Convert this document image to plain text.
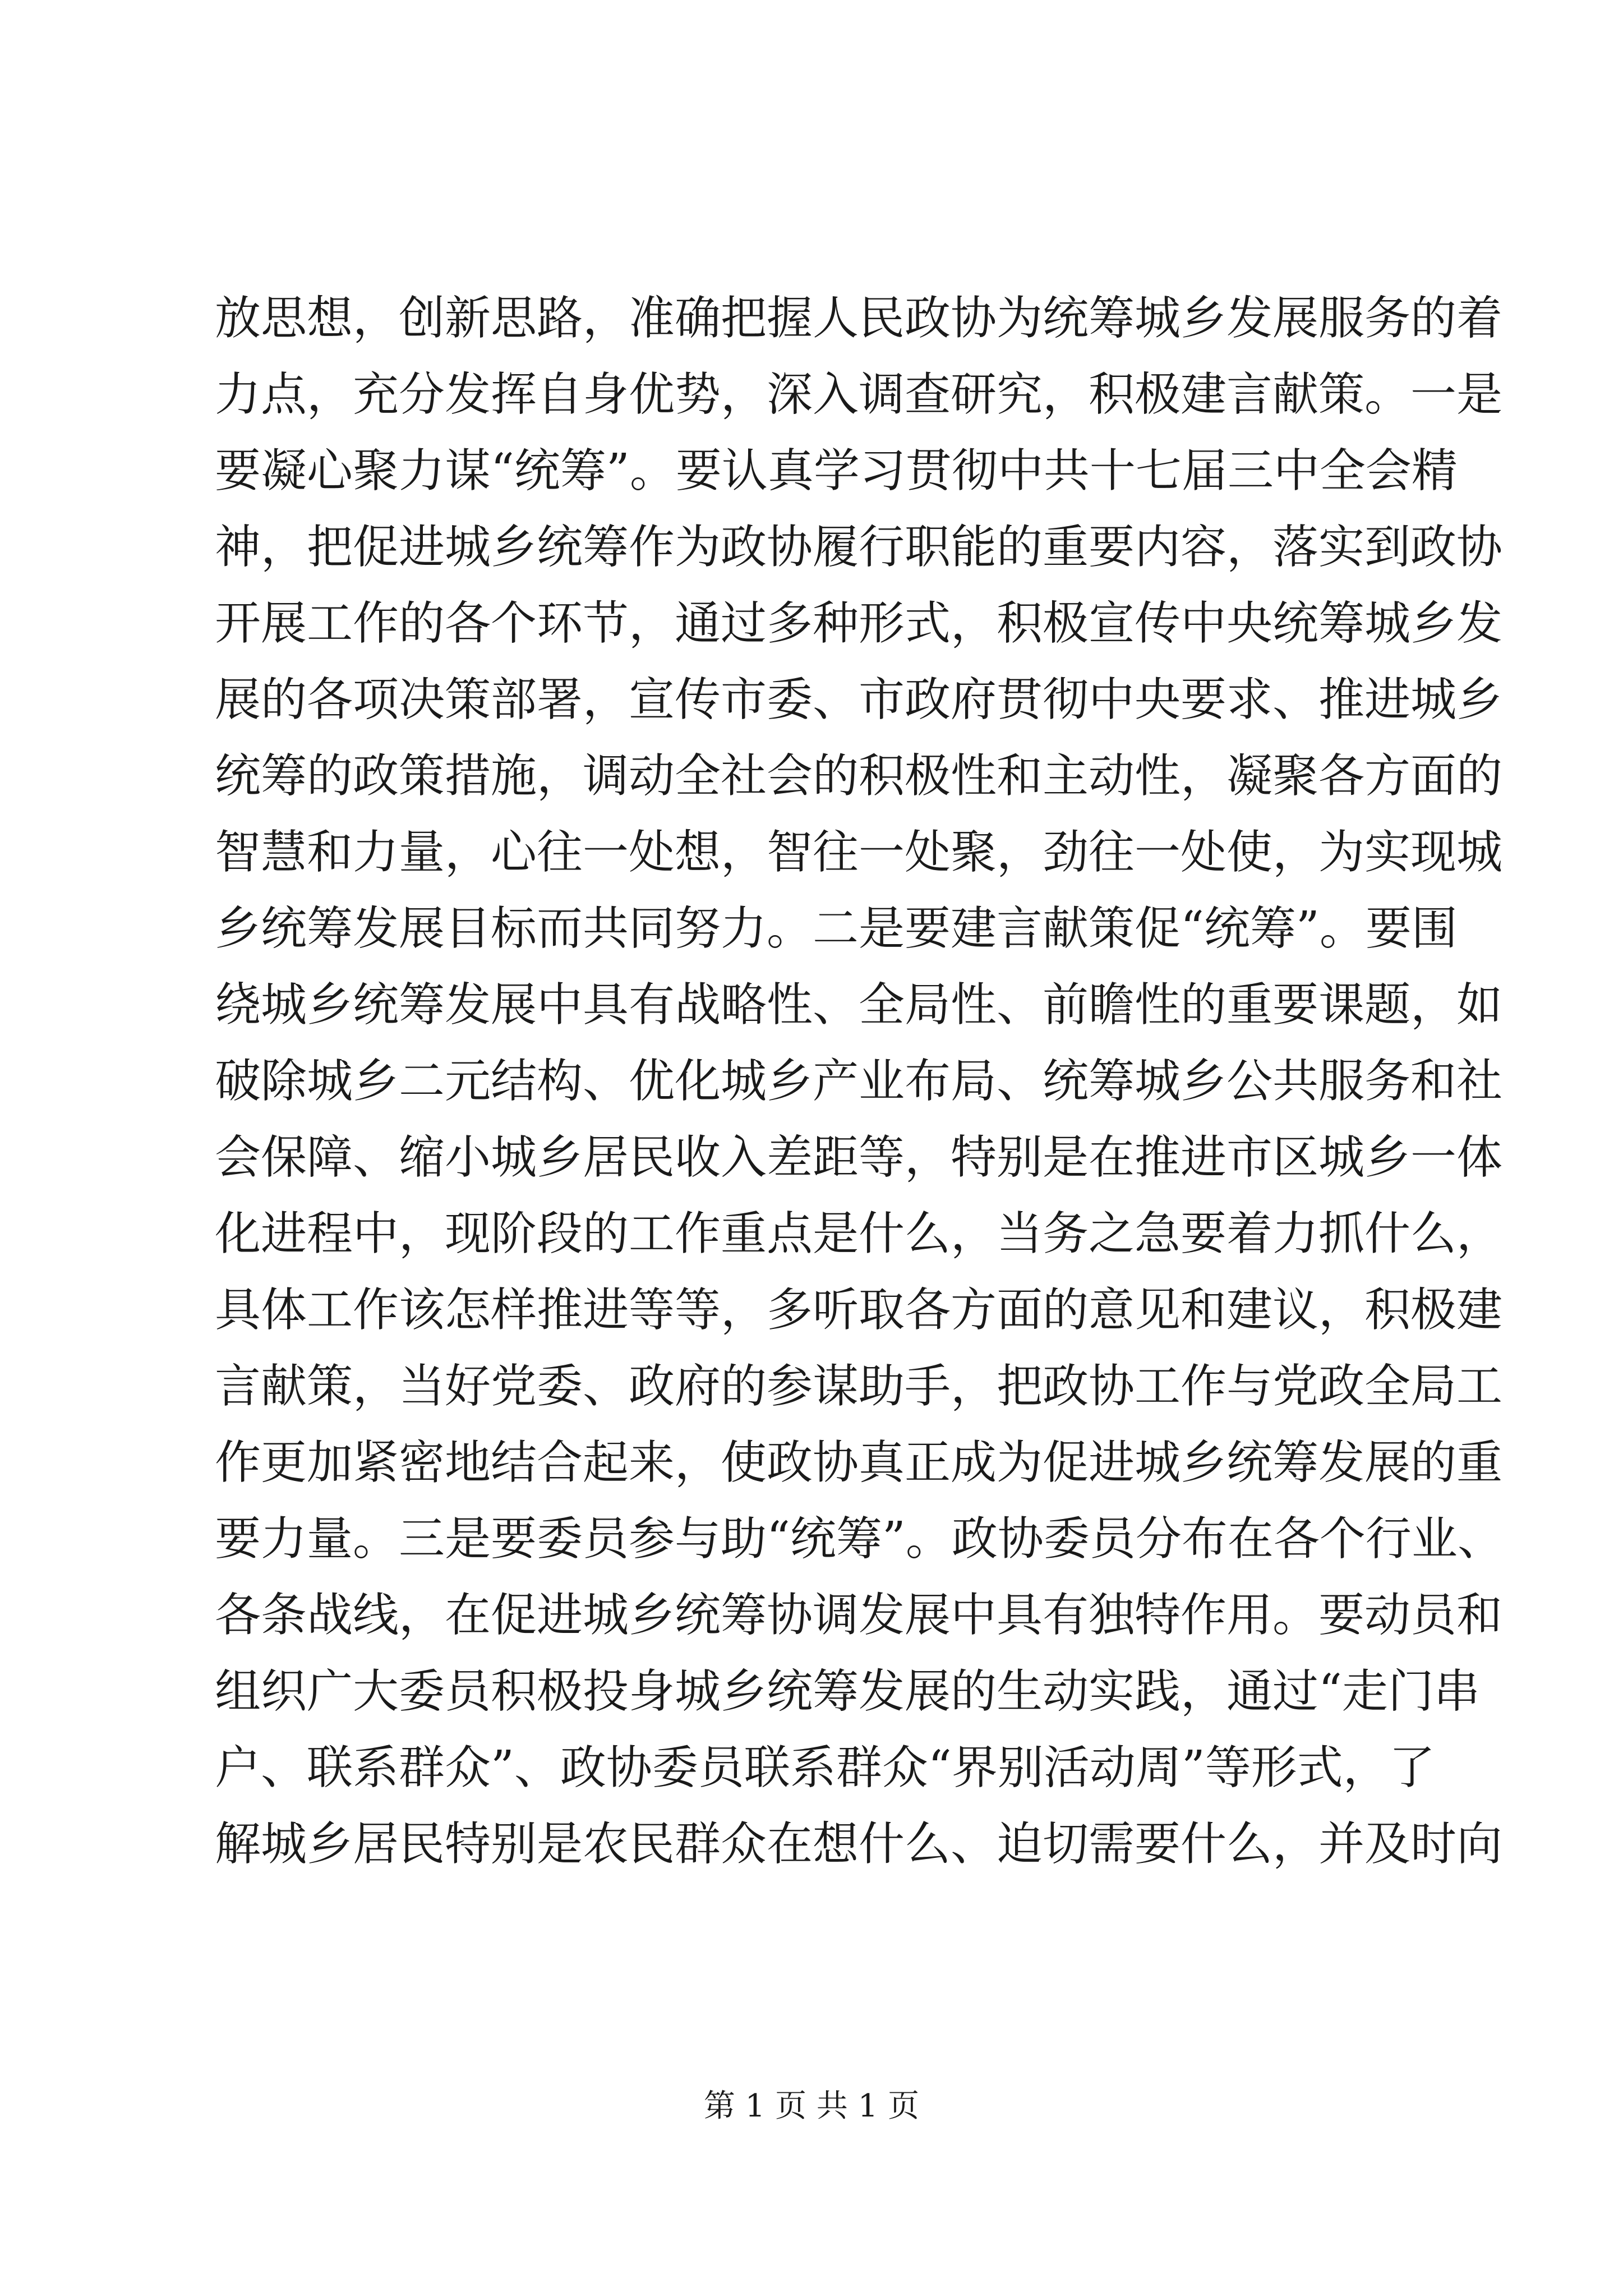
放思想，创新思路，准确把握人民政协为统筹城乡发展服务的着
力点，充分发挥自身优势，深入调查研究，积极建言献策。一是
要凝心聚力谋“统筹”。要认真学习贯彻中共十七届三中全会精
神，把促进城乡统筹作为政协履行职能的重要内容，落实到政协
开展工作的各个环节，通过多种形式，积极宣传中央统筹城乡发
展的各项决策部署，宣传市委、市政府贯彻中央要求、推进城乡
统筹的政策措施，调动全社会的积极性和主动性，凝聚各方面的
智慧和力量，心往一处想，智往一处聚，劲往一处使，为实现城
乡统筹发展目标而共同努力。二是要建言献策促“统筹”。要围
绕城乡统筹发展中具有战略性、全局性、前瞻性的重要课题，如
破除城乡二元结构、优化城乡产业布局、统筹城乡公共服务和社
会保障、缩小城乡居民收入差距等，特别是在推进市区城乡一体
化进程中，现阶段的工作重点是什么，当务之急要着力抓什么，
具体工作该怎样推进等等，多听取各方面的意见和建议，积极建
言献策，当好党委、政府的参谋助手，把政协工作与党政全局工
作更加紧密地结合起来，使政协真正成为促进城乡统筹发展的重
要力量。三是要委员参与助“统筹”。政协委员分布在各个行业、
各条战线，在促进城乡统筹协调发展中具有独特作用。要动员和
组织广大委员积极投身城乡统筹发展的生动实践，通过“走门串
户、联系群众”、政协委员联系群众“界别活动周”等形式，了
解城乡居民特别是农民群众在想什么、迫切需要什么，并及时向
第 1 页 共 1 页
